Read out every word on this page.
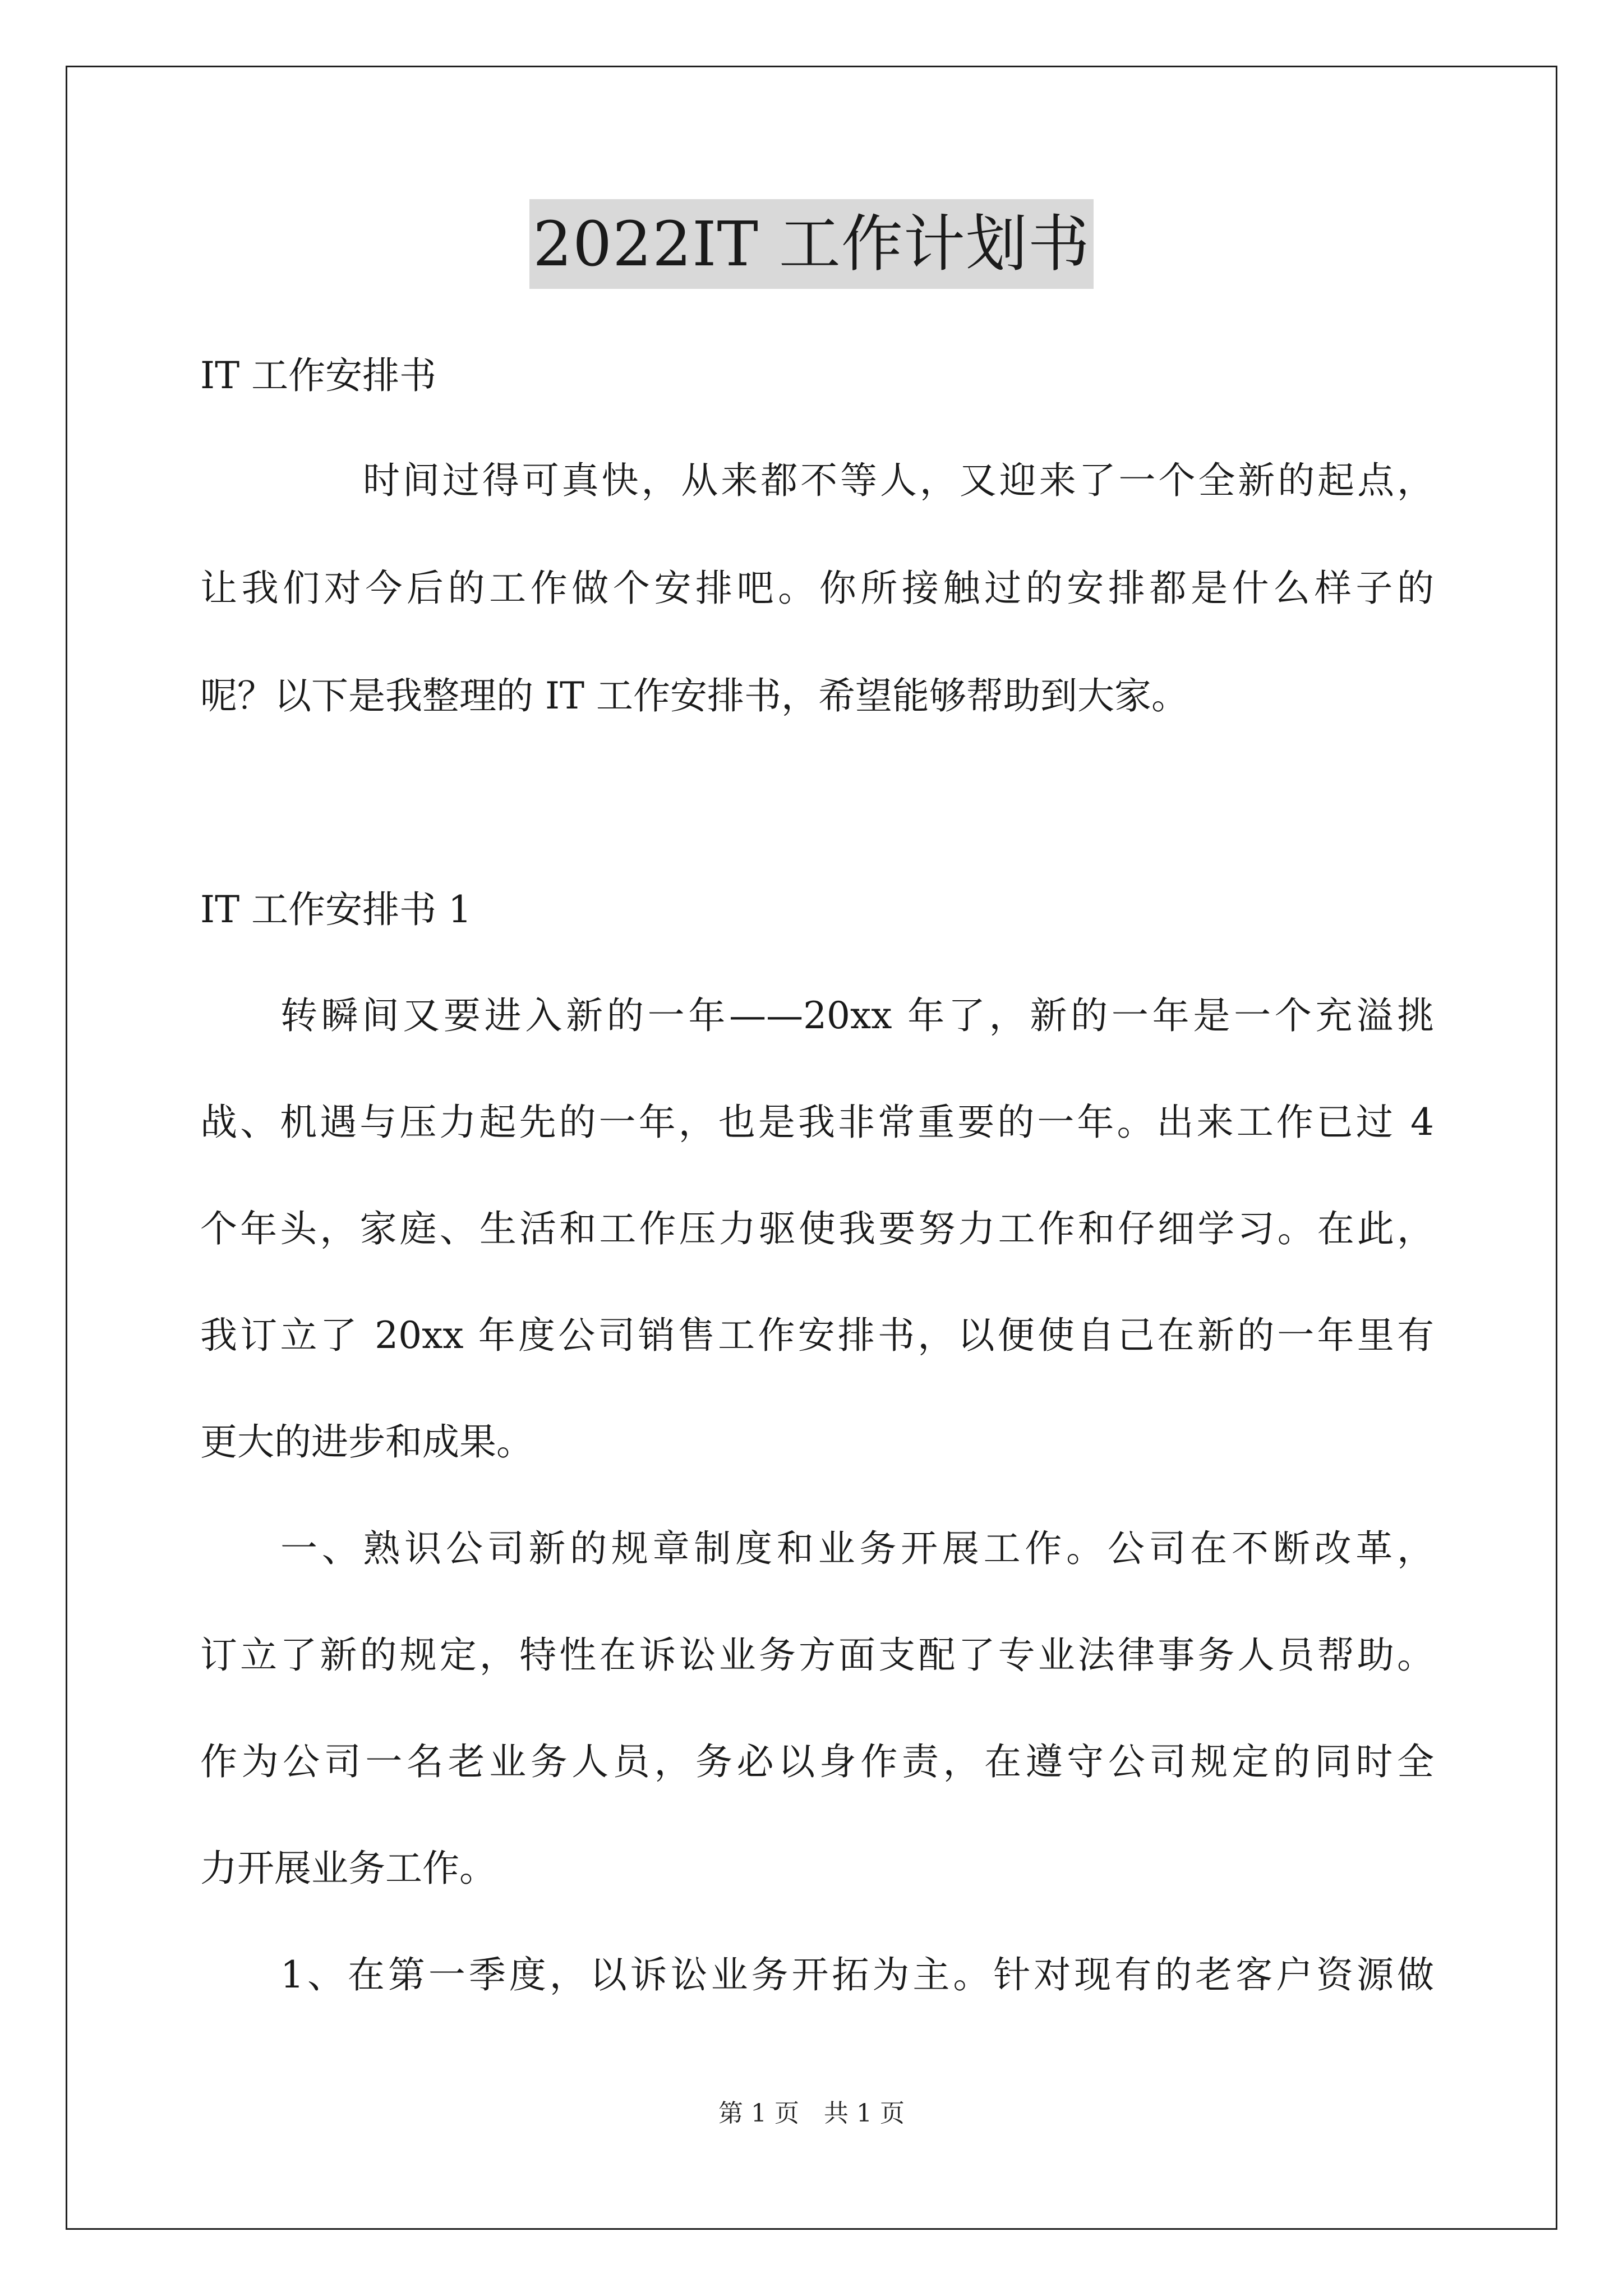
2022IT 工作计划书
IT 工作安排书
时间过得可真快，从来都不等人，又迎来了一个全新的起点，
让我们对今后的工作做个安排吧。你所接触过的安排都是什么样子的
呢？以下是我整理的 IT 工作安排书，希望能够帮助到大家。
IT 工作安排书 1
转瞬间又要进入新的一年——20xx 年了，新的一年是一个充溢挑
战、机遇与压力起先的一年，也是我非常重要的一年。出来工作已过 4
个年头，家庭、生活和工作压力驱使我要努力工作和仔细学习。在此，
我订立了 20xx 年度公司销售工作安排书，以便使自己在新的一年里有
更大的进步和成果。
一、熟识公司新的规章制度和业务开展工作。公司在不断改革，
订立了新的规定，特性在诉讼业务方面支配了专业法律事务人员帮助。
作为公司一名老业务人员，务必以身作责，在遵守公司规定的同时全
力开展业务工作。
1、在第一季度，以诉讼业务开拓为主。针对现有的老客户资源做
第 1 页　共 1 页
